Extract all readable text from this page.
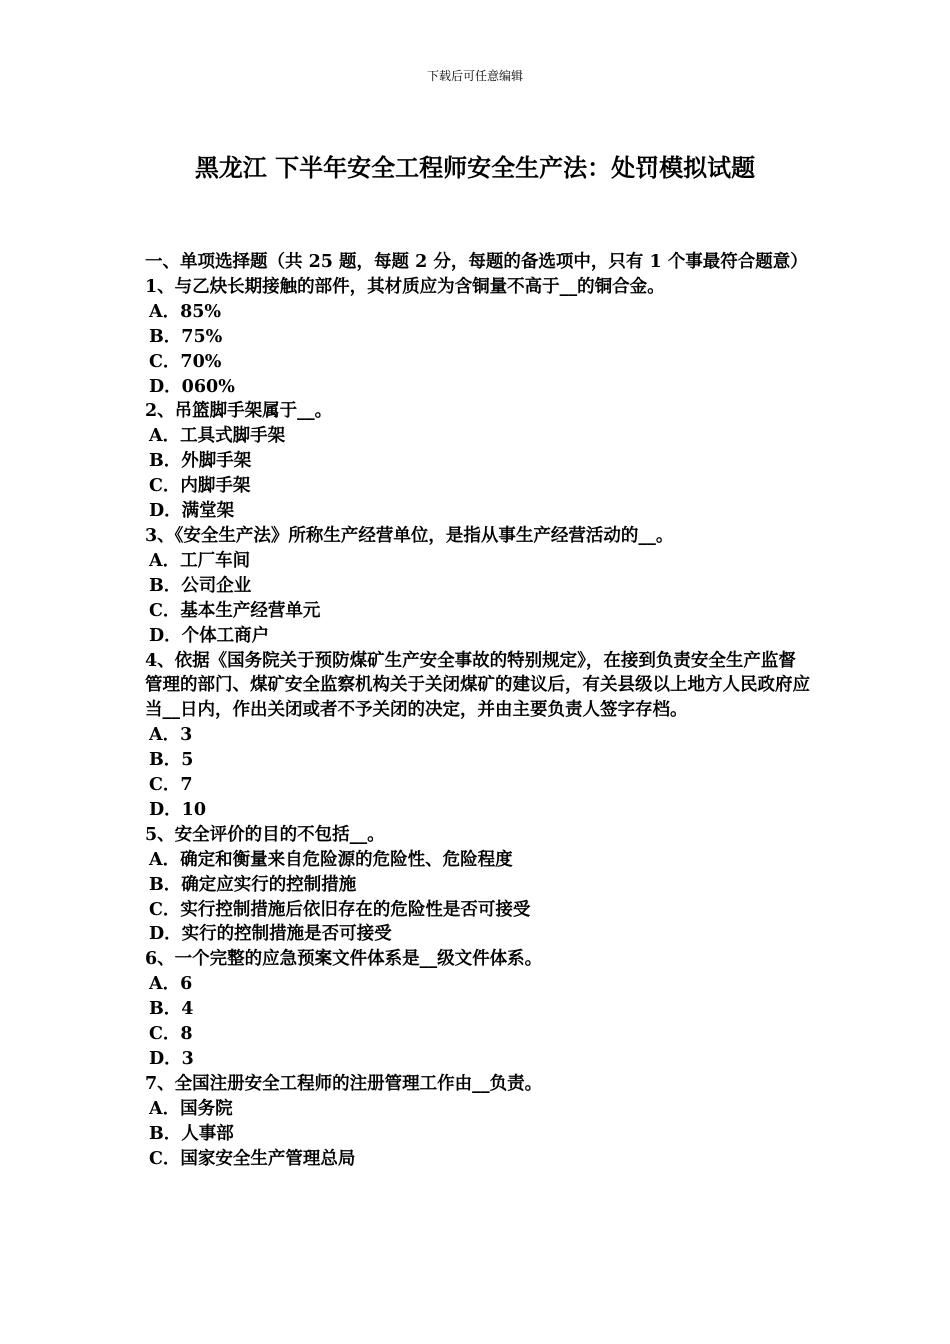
下载后可任意编辑
黑龙江 下半年安全工程师安全生产法：处罚模拟试题

一、单项选择题（共 25 题，每题 2 分，每题的备选项中，只有 1 个事最符合题意）

1、与乙炔长期接触的部件，其材质应为含铜量不高于__的铜合金。

A．85%

B．75%

C．70%

D．060%

2、吊篮脚手架属于__。

A．工具式脚手架

B．外脚手架

C．内脚手架

D．满堂架

3、《安全生产法》所称生产经营单位，是指从事生产经营活动的__。

A．工厂车间

B．公司企业

C．基本生产经营单元

D．个体工商户

4、依据《国务院关于预防煤矿生产安全事故的特别规定》，在接到负责安全生产监督管理的部门、煤矿安全监察机构关于关闭煤矿的建议后，有关县级以上地方人民政府应当__日内，作出关闭或者不予关闭的决定，并由主要负责人签字存档。

A．3

B．5

C．7

D．10

5、安全评价的目的不包括__。

A．确定和衡量来自危险源的危险性、危险程度

B．确定应实行的控制措施

C．实行控制措施后依旧存在的危险性是否可接受

D．实行的控制措施是否可接受

6、一个完整的应急预案文件体系是__级文件体系。

A．6

B．4

C．8

D．3

7、全国注册安全工程师的注册管理工作由__负责。

A．国务院

B．人事部

C．国家安全生产管理总局
